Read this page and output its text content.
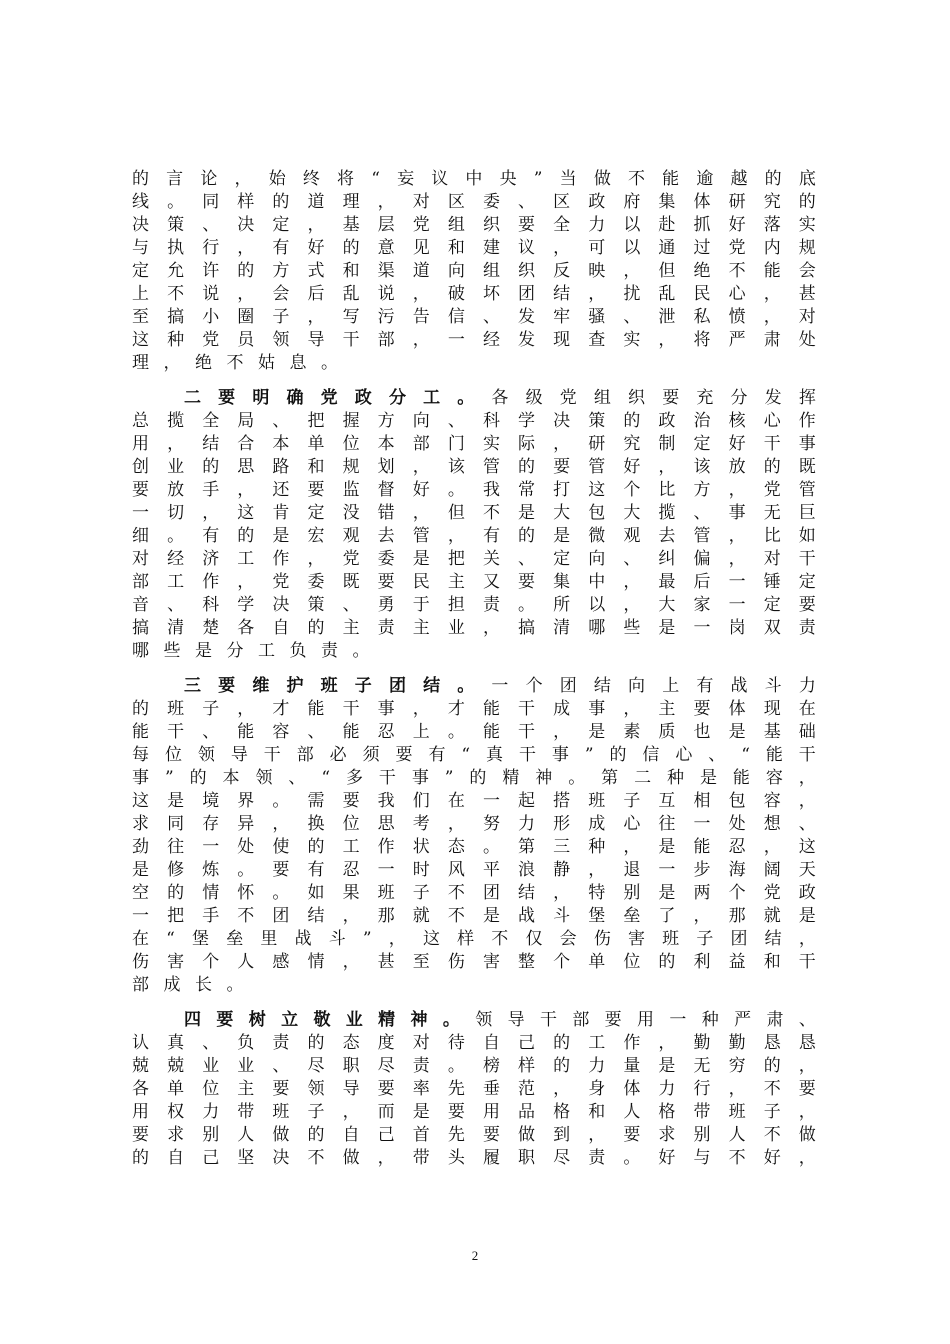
的 言 论 ， 始 终 将 “ 妄 议 中 央 ” 当 做 不 能 逾 越 的 底
线 。 同 样 的 道 理 ， 对 区 委 、 区 政 府 集 体 研 究 的
决 策 、 决 定 ， 基 层 党 组 织 要 全 力 以 赴 抓 好 落 实
与 执 行 ， 有 好 的 意 见 和 建 议 ， 可 以 通 过 党 内 规
定 允 许 的 方 式 和 渠 道 向 组 织 反 映 ， 但 绝 不 能 会
上 不 说 ， 会 后 乱 说 ， 破 坏 团 结 ， 扰 乱 民 心 ， 甚
至 搞 小 圈 子 ， 写 污 告 信 、 发 牢 骚 、 泄 私 愤 ， 对
这 种 党 员 领 导 干 部 ， 一 经 发 现 查 实 ， 将 严 肃 处
理 ， 绝 不 姑 息 。
二 要 明 确 党 政 分 工 。 各 级 党 组 织 要 充 分 发 挥
总 揽 全 局 、 把 握 方 向 、 科 学 决 策 的 政 治 核 心 作
用 ， 结 合 本 单 位 本 部 门 实 际 ， 研 究 制 定 好 干 事
创 业 的 思 路 和 规 划 ， 该 管 的 要 管 好 ， 该 放 的 既
要 放 手 ， 还 要 监 督 好 。 我 常 打 这 个 比 方 ， 党 管
一 切 ， 这 肯 定 没 错 ， 但 不 是 大 包 大 揽 、 事 无 巨
细 。 有 的 是 宏 观 去 管 ， 有 的 是 微 观 去 管 ， 比 如
对 经 济 工 作 ， 党 委 是 把 关 、 定 向 、 纠 偏 ， 对 干
部 工 作 ， 党 委 既 要 民 主 又 要 集 中 ， 最 后 一 锤 定
音 、 科 学 决 策 、 勇 于 担 责 。 所 以 ， 大 家 一 定 要
搞 清 楚 各 自 的 主 责 主 业 ， 搞 清 哪 些 是 一 岗 双 责
哪 些 是 分 工 负 责 。
三 要 维 护 班 子 团 结 。 一 个 团 结 向 上 有 战 斗 力
的 班 子 ， 才 能 干 事 ， 才 能 干 成 事 ， 主 要 体 现 在
能 干 、 能 容 、 能 忍 上 。 能 干 ， 是 素 质 也 是 基 础
每 位 领 导 干 部 必 须 要 有 “ 真 干 事 ” 的 信 心 、 “ 能 干
事 ” 的 本 领 、 “ 多 干 事 ” 的 精 神 。 第 二 种 是 能 容 ，
这 是 境 界 。 需 要 我 们 在 一 起 搭 班 子 互 相 包 容 ，
求 同 存 异 ， 换 位 思 考 ， 努 力 形 成 心 往 一 处 想 、
劲 往 一 处 使 的 工 作 状 态 。 第 三 种 ， 是 能 忍 ， 这
是 修 炼 。 要 有 忍 一 时 风 平 浪 静 ， 退 一 步 海 阔 天
空 的 情 怀 。 如 果 班 子 不 团 结 ， 特 别 是 两 个 党 政
一 把 手 不 团 结 ， 那 就 不 是 战 斗 堡 垒 了 ， 那 就 是
在 “ 堡 垒 里 战 斗 ” ， 这 样 不 仅 会 伤 害 班 子 团 结 ，
伤 害 个 人 感 情 ， 甚 至 伤 害 整 个 单 位 的 利 益 和 干
部 成 长 。
四 要 树 立 敬 业 精 神 。 领 导 干 部 要 用 一 种 严 肃 、
认 真 、 负 责 的 态 度 对 待 自 己 的 工 作 ， 勤 勤 恳 恳
兢 兢 业 业 、 尽 职 尽 责 。 榜 样 的 力 量 是 无 穷 的 ，
各 单 位 主 要 领 导 要 率 先 垂 范 ， 身 体 力 行 ， 不 要
用 权 力 带 班 子 ， 而 是 要 用 品 格 和 人 格 带 班 子 ，
要 求 别 人 做 的 自 己 首 先 要 做 到 ， 要 求 别 人 不 做
的 自 己 坚 决 不 做 ， 带 头 履 职 尽 责 。 好 与 不 好 ，
2
